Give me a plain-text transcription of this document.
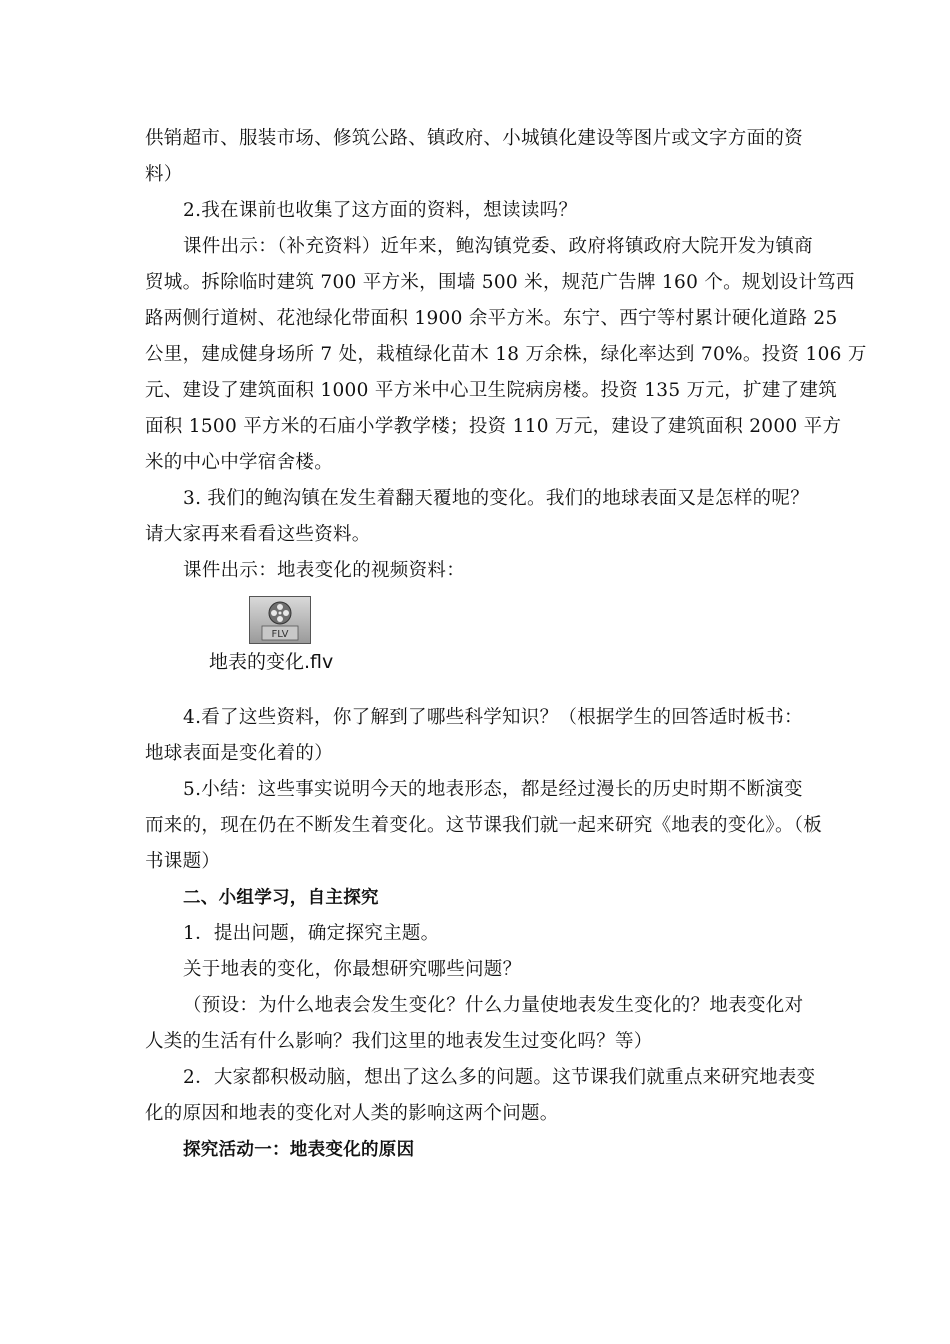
供销超市、服装市场、修筑公路、镇政府、小城镇化建设等图片或文字方面的资
料）
2.我在课前也收集了这方面的资料，想读读吗？
课件出示：（补充资料）近年来，鲍沟镇党委、政府将镇政府大院开发为镇商
贸城。拆除临时建筑 700 平方米，围墙 500 米，规范广告牌 160 个。规划设计笃西
路两侧行道树、花池绿化带面积 1900 余平方米。东宁、西宁等村累计硬化道路 25
公里，建成健身场所 7 处，栽植绿化苗木 18 万余株，绿化率达到 70%。投资 106 万
元、建设了建筑面积 1000 平方米中心卫生院病房楼。投资 135 万元，扩建了建筑
面积 1500 平方米的石庙小学教学楼；投资 110 万元，建设了建筑面积 2000 平方
米的中心中学宿舍楼。
3. 我们的鲍沟镇在发生着翻天覆地的变化。我们的地球表面又是怎样的呢？
请大家再来看看这些资料。
课件出示：地表变化的视频资料：
FLV
地表的变化.flv
4.看了这些资料，你了解到了哪些科学知识？（根据学生的回答适时板书：
地球表面是变化着的）
5.小结：这些事实说明今天的地表形态，都是经过漫长的历史时期不断演变
而来的，现在仍在不断发生着变化。这节课我们就一起来研究《地表的变化》。（板
书课题）
二、小组学习，自主探究
1．提出问题，确定探究主题。
关于地表的变化，你最想研究哪些问题？
（预设：为什么地表会发生变化？什么力量使地表发生变化的？地表变化对
人类的生活有什么影响？我们这里的地表发生过变化吗？等）
2．大家都积极动脑，想出了这么多的问题。这节课我们就重点来研究地表变
化的原因和地表的变化对人类的影响这两个问题。
探究活动一：地表变化的原因
